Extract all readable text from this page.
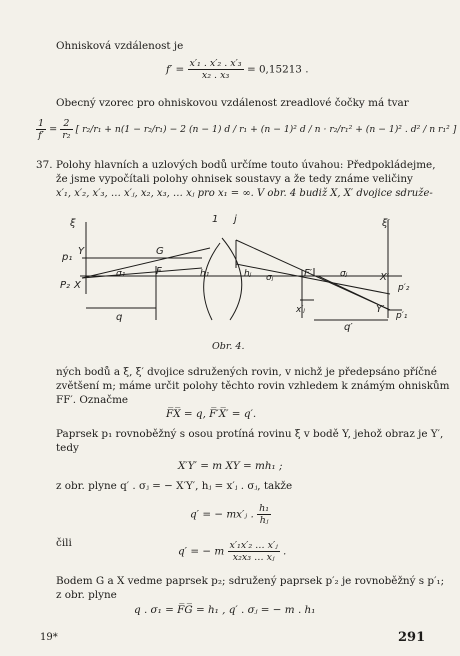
Ohnisková vzdálenost je
$f' = \frac{\text{x′₁ . x′₂ . x′₃}}{\text{x₂ . x₃}} = 0,15213$ .
Obecný vzorec pro ohniskovou vzdálenost zreadlové čočky má tvar
$\frac{1}{f'} = \frac{2}{\text{r₂}}$ [ r₂/r₁ + n(1 − r₂/r₁) − 2 (n − 1) d / r₁ + (n − 1)² d / n · r₂/r₁² + (n − 1)² . d² / n r₁² ]
37. Polohy hlavních a uzlových bodů určíme touto úvahou: Předpokládejme,
že jsme vypočítali polohy ohnisek soustavy a že tedy známe veličiny
x′₁, x′₂, x′₃, … x′ⱼ, x₂, x₃, … xⱼ pro x₁ = ∞. V obr. 4 budiž X, X′ dvojice sdruže-
ξ	ξ′
Y
p₁
P₂ X
G
F
σ₁	h₁
1 j
hⱼ σⱼ	F′	σⱼ	X′
p′₂
Y′
p′₁
q
x′ⱼ
q′
Obr. 4.
ných bodů a ξ, ξ′ dvojice sdružených rovin, v nichž je předepsáno příčné
zvětšení m; máme určit polohy těchto rovin vzhledem k známým ohniskům
FF′. Označme
F̅X̅ = q, F̅′X̅′ = q′.
Paprsek p₁ rovnoběžný s osou protíná rovinu ξ v bodě Y, jehož obraz je Y′,
tedy
X′Y′ = m XY = mh₁ ;
z obr. plyne q′ . σⱼ = − X′Y′, hⱼ = x′ⱼ . σⱼ, takže
q′ = − mx′ⱼ . $\frac{\text{h₁}}{\text{hⱼ}}$
čili
q′ = − m $\frac{\text{x′₁x′₂ … x′ⱼ}}{\text{x₂x₃ … xⱼ}}$ .
Bodem G a X vedme paprsek p₂; sdružený paprsek p′₂ je rovnoběžný s p′₁;
z obr. plyne
q . σ₁ = F̅G̅ = h₁ , q′ . σⱼ = − m . h₁
19*	291
